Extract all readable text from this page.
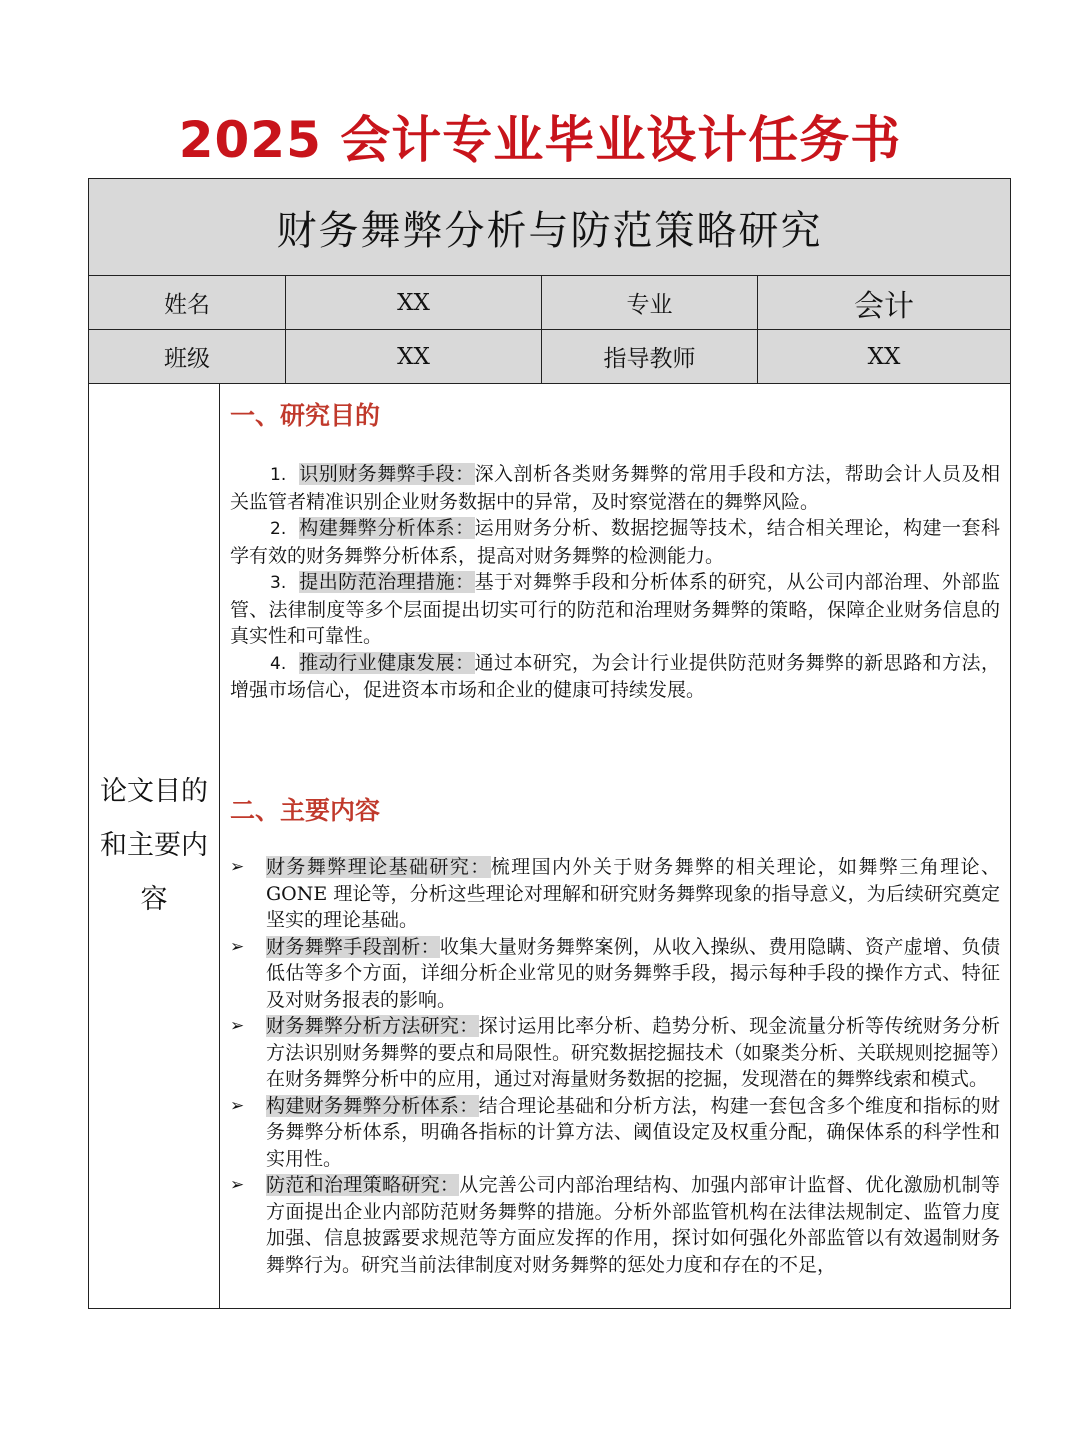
2025 会计专业毕业设计任务书
财务舞弊分析与防范策略研究
姓名	XX	专业	会计
班级	XX	指导教师	XX
论文目的
和主要内
容
一、研究目的

1. 识别财务舞弊手段：深入剖析各类财务舞弊的常用手段和方法，帮助会计人员及相关监管者精准识别企业财务数据中的异常，及时察觉潜在的舞弊风险。

2. 构建舞弊分析体系：运用财务分析、数据挖掘等技术，结合相关理论，构建一套科学有效的财务舞弊分析体系，提高对财务舞弊的检测能力。

3. 提出防范治理措施：基于对舞弊手段和分析体系的研究，从公司内部治理、外部监管、法律制度等多个层面提出切实可行的防范和治理财务舞弊的策略，保障企业财务信息的真实性和可靠性。

4. 推动行业健康发展：通过本研究，为会计行业提供防范财务舞弊的新思路和方法，增强市场信心，促进资本市场和企业的健康可持续发展。

二、主要内容
➢ 财务舞弊理论基础研究：梳理国内外关于财务舞弊的相关理论，如舞弊三角理论、GONE 理论等，分析这些理论对理解和研究财务舞弊现象的指导意义，为后续研究奠定坚实的理论基础。
➢ 财务舞弊手段剖析：收集大量财务舞弊案例，从收入操纵、费用隐瞒、资产虚增、负债低估等多个方面，详细分析企业常见的财务舞弊手段，揭示每种手段的操作方式、特征及对财务报表的影响。
➢ 财务舞弊分析方法研究：探讨运用比率分析、趋势分析、现金流量分析等传统财务分析方法识别财务舞弊的要点和局限性。研究数据挖掘技术（如聚类分析、关联规则挖掘等）在财务舞弊分析中的应用，通过对海量财务数据的挖掘，发现潜在的舞弊线索和模式。
➢ 构建财务舞弊分析体系：结合理论基础和分析方法，构建一套包含多个维度和指标的财务舞弊分析体系，明确各指标的计算方法、阈值设定及权重分配，确保体系的科学性和实用性。
➢ 防范和治理策略研究：从完善公司内部治理结构、加强内部审计监督、优化激励机制等方面提出企业内部防范财务舞弊的措施。分析外部监管机构在法律法规制定、监管力度加强、信息披露要求规范等方面应发挥的作用，探讨如何强化外部监管以有效遏制财务舞弊行为。研究当前法律制度对财务舞弊的惩处力度和存在的不足，
